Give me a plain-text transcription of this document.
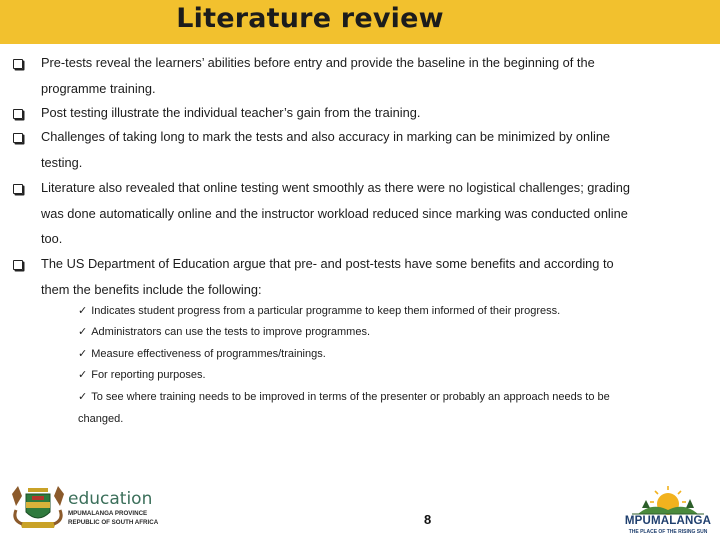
Literature review
Pre-tests reveal the learners’ abilities before entry and provide the baseline in the beginning of the programme training.
Post testing illustrate the individual teacher’s gain from the training.
Challenges of taking long to mark the tests and also accuracy in marking can be minimized by online testing.
Literature also revealed that online testing went smoothly as there were no logistical challenges; grading was done automatically online and the instructor workload reduced since marking was conducted online too.
The US Department of Education argue that pre- and post-tests have some benefits and according to them the benefits include the following:
✓ Indicates student progress from a particular programme to keep them informed of their progress.
✓ Administrators can use the tests to improve programmes.
✓ Measure effectiveness of programmes/trainings.
✓ For reporting purposes.
✓ To see where training needs to be improved in terms of the presenter or probably an approach needs to be changed.
education
MPUMALANGA PROVINCE
REPUBLIC OF SOUTH AFRICA	8	MPUMALANGA
THE PLACE OF THE RISING SUN
